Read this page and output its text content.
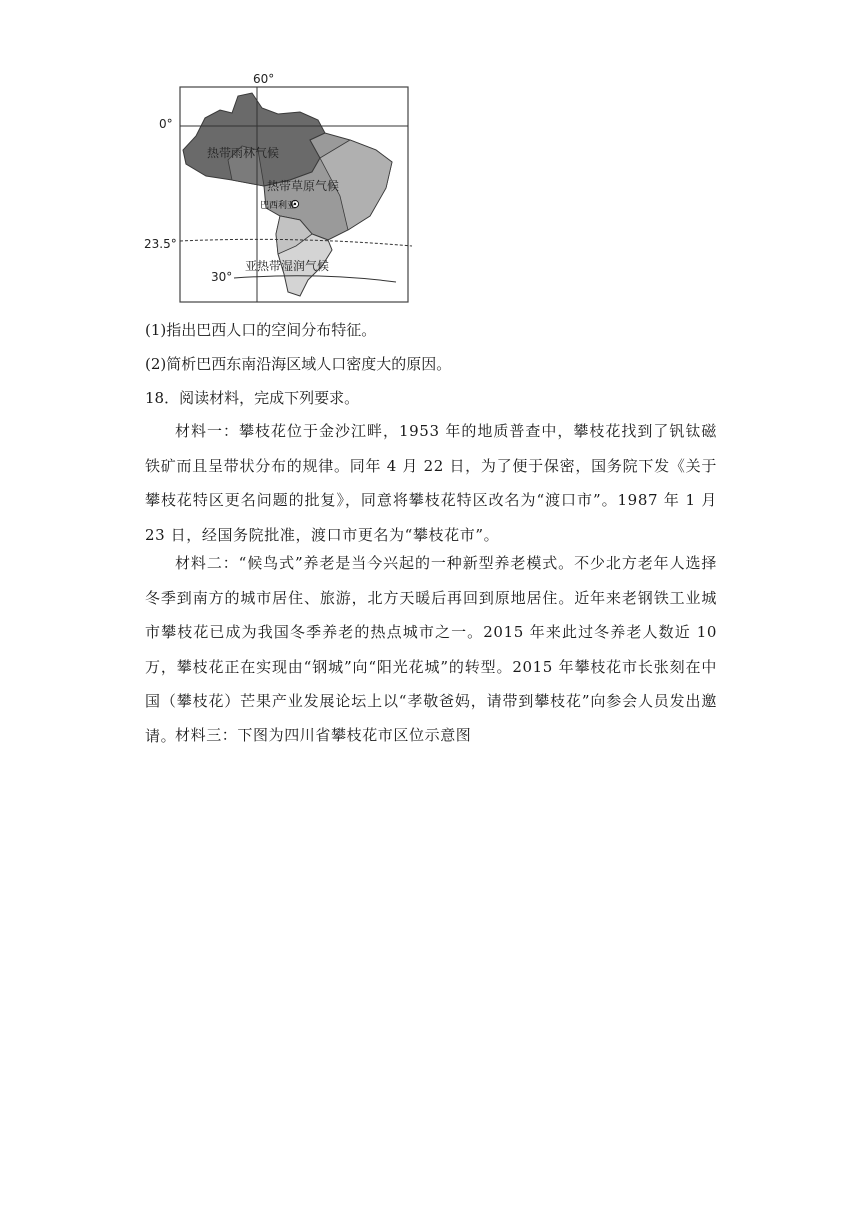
60°
0°
23.5°
30°
热带雨林气候
热带草原气候
亚热带湿润气候
巴西利亚
(1)指出巴西人口的空间分布特征。
(2)简析巴西东南沿海区域人口密度大的原因。
18．阅读材料，完成下列要求。
材料一：攀枝花位于金沙江畔，1953 年的地质普查中，攀枝花找到了钒钛磁铁矿而且呈带状分布的规律。同年 4 月 22 日，为了便于保密，国务院下发《关于攀枝花特区更名问题的批复》，同意将攀枝花特区改名为“渡口市”。1987 年 1 月 23 日，经国务院批准，渡口市更名为“攀枝花市”。
材料二：“候鸟式”养老是当今兴起的一种新型养老模式。不少北方老年人选择冬季到南方的城市居住、旅游，北方天暖后再回到原地居住。近年来老钢铁工业城市攀枝花已成为我国冬季养老的热点城市之一。2015 年来此过冬养老人数近 10 万，攀枝花正在实现由“钢城”向“阳光花城”的转型。2015 年攀枝花市长张刻在中国（攀枝花）芒果产业发展论坛上以“孝敬爸妈，请带到攀枝花”向参会人员发出邀请。
材料三：下图为四川省攀枝花市区位示意图
